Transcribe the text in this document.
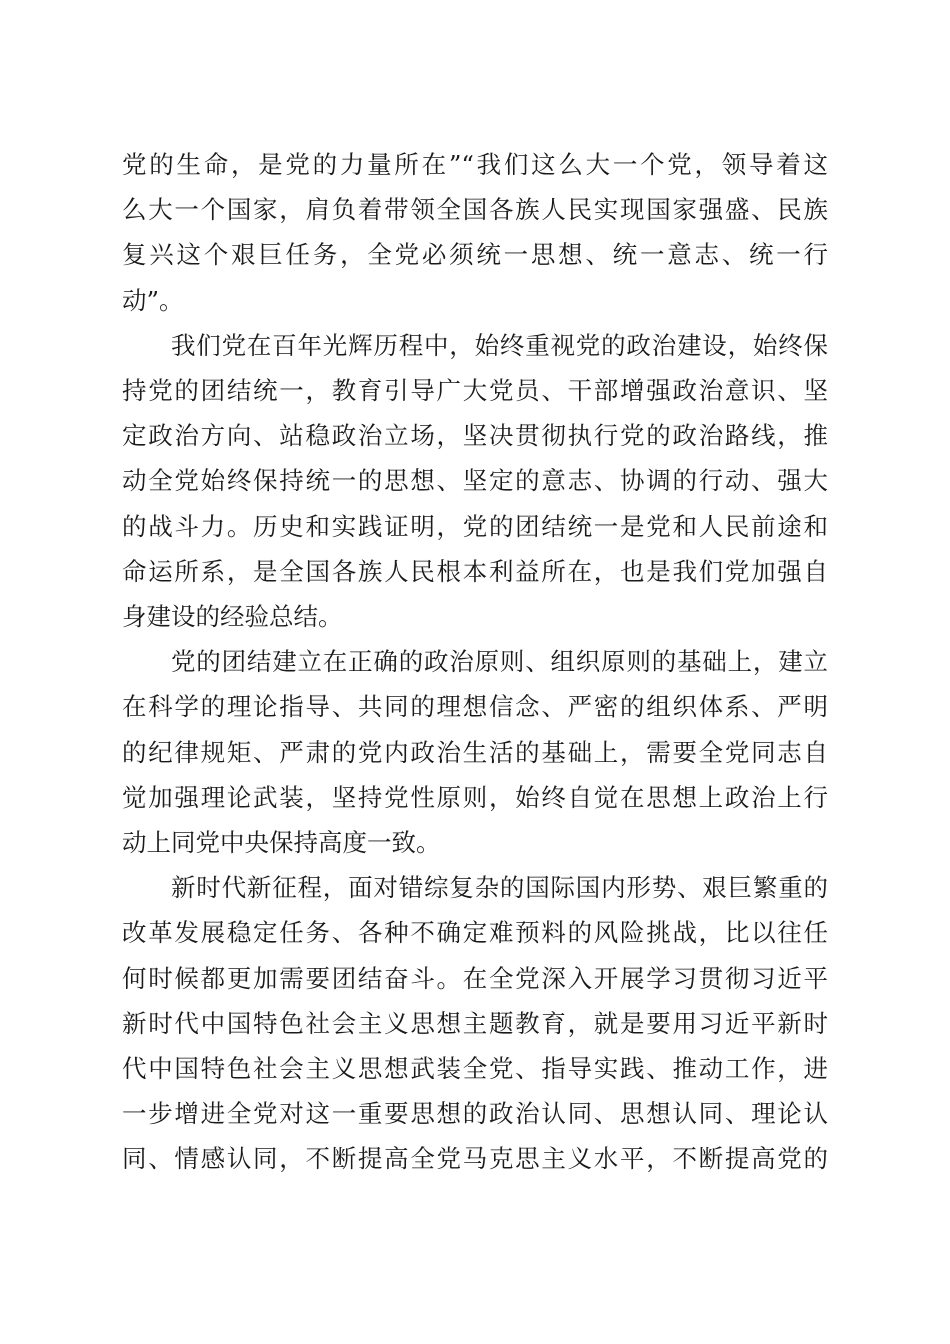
党的生命，是党的力量所在”“我们这么大一个党，领导着这
么大一个国家，肩负着带领全国各族人民实现国家强盛、民族
复兴这个艰巨任务，全党必须统一思想、统一意志、统一行
动”。

我们党在百年光辉历程中，始终重视党的政治建设，始终保
持党的团结统一，教育引导广大党员、干部增强政治意识、坚
定政治方向、站稳政治立场，坚决贯彻执行党的政治路线，推
动全党始终保持统一的思想、坚定的意志、协调的行动、强大
的战斗力。历史和实践证明，党的团结统一是党和人民前途和
命运所系，是全国各族人民根本利益所在，也是我们党加强自
身建设的经验总结。

党的团结建立在正确的政治原则、组织原则的基础上，建立
在科学的理论指导、共同的理想信念、严密的组织体系、严明
的纪律规矩、严肃的党内政治生活的基础上，需要全党同志自
觉加强理论武装，坚持党性原则，始终自觉在思想上政治上行
动上同党中央保持高度一致。

新时代新征程，面对错综复杂的国际国内形势、艰巨繁重的
改革发展稳定任务、各种不确定难预料的风险挑战，比以往任
何时候都更加需要团结奋斗。在全党深入开展学习贯彻习近平
新时代中国特色社会主义思想主题教育，就是要用习近平新时
代中国特色社会主义思想武装全党、指导实践、推动工作，进
一步增进全党对这一重要思想的政治认同、思想认同、理论认
同、情感认同，不断提高全党马克思主义水平，不断提高党的
